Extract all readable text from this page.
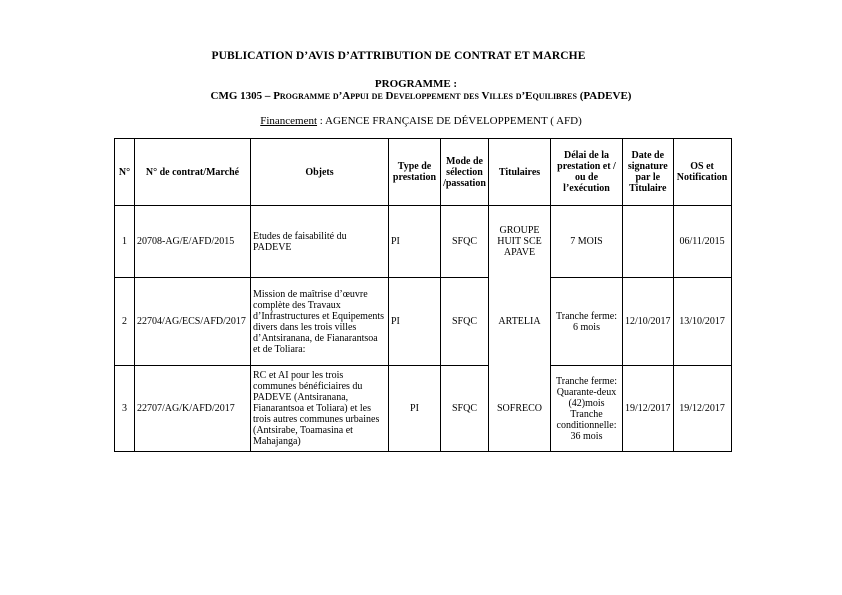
PUBLICATION D’AVIS D’ATTRIBUTION DE CONTRAT ET MARCHE
PROGRAMME :
CMG 1305 – Programme d’Appui de Developpement des Villes d’Equilibres (PADEVE)
Financement : AGENCE FRANÇAISE DE DÉVELOPPEMENT ( AFD)
N°	N° de contrat/Marché	Objets	Type de prestation	Mode de sélection /passation	Titulaires	Délai de la prestation et / ou de l’exécution	Date de signature par le Titulaire	OS et Notification
1	20708-AG/E/AFD/2015	Etudes de faisabilité du PADEVE	PI	SFQC	GROUPE HUIT SCE APAVE	7 MOIS		06/11/2015
2	22704/AG/ECS/AFD/2017	Mission de maîtrise d’œuvre complète des Travaux d’Infrastructures et Equipements divers dans les trois villes d’Antsiranana, de Fianarantsoa et de Toliara:	PI	SFQC	ARTELIA	Tranche ferme: 6 mois	12/10/2017	13/10/2017
3	22707/AG/K/AFD/2017	RC et AI pour les trois communes bénéficiaires du PADEVE (Antsiranana, Fianarantsoa et Toliara) et les trois autres communes urbaines (Antsirabe, Toamasina et Mahajanga)	PI	SFQC	SOFRECO	Tranche ferme: Quarante-deux (42)mois Tranche conditionnelle: 36 mois	19/12/2017	19/12/2017
